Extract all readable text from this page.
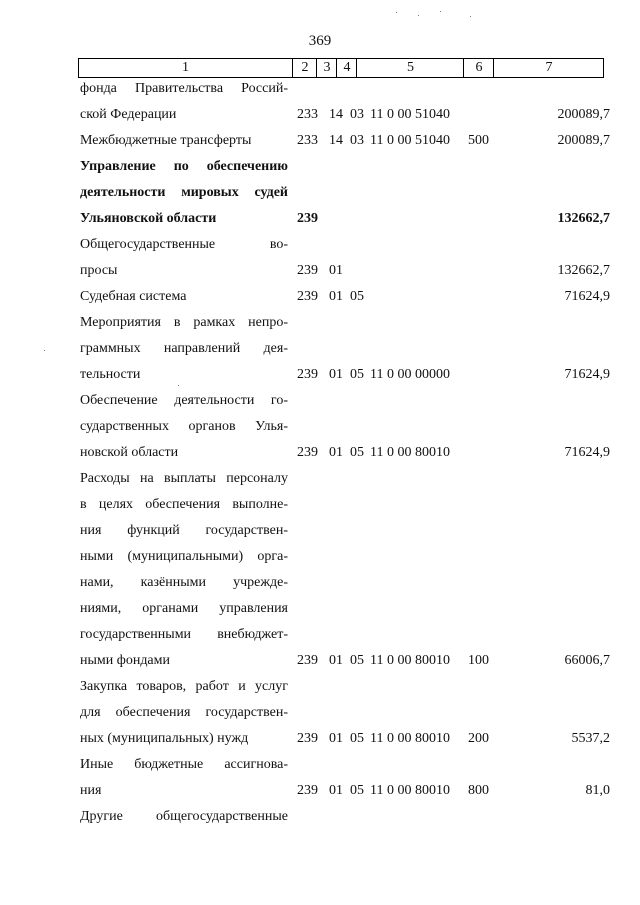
369
1	2	3 4	5	6	7
фонда Правительства Россий-
ской Федерации	233 14 03 11 0 00 51040	200089,7
Межбюджетные трансферты	233 14 03 11 0 00 51040 500	200089,7
Управление по обеспечению
деятельности мировых судей
Ульяновской области	239	132662,7
Общегосударственные во-
просы	239 01	132662,7
Судебная система	239 01 05	71624,9
Мероприятия в рамках непро-
граммных направлений дея-
тельности	239 01 05 11 0 00 00000	71624,9
Обеспечение деятельности го-
сударственных органов Улья-
новской области	239 01 05 11 0 00 80010	71624,9
Расходы на выплаты персоналу
в целях обеспечения выполне-
ния функций государствен-
ными (муниципальными) орга-
нами, казёнными учрежде-
ниями, органами управления
государственными внебюджет-
ными фондами	239 01 05 11 0 00 80010 100	66006,7
Закупка товаров, работ и услуг
для обеспечения государствен-
ных (муниципальных) нужд	239 01 05 11 0 00 80010 200	5537,2
Иные бюджетные ассигнова-
ния	239 01 05 11 0 00 80010 800	81,0
Другие общегосударственные
